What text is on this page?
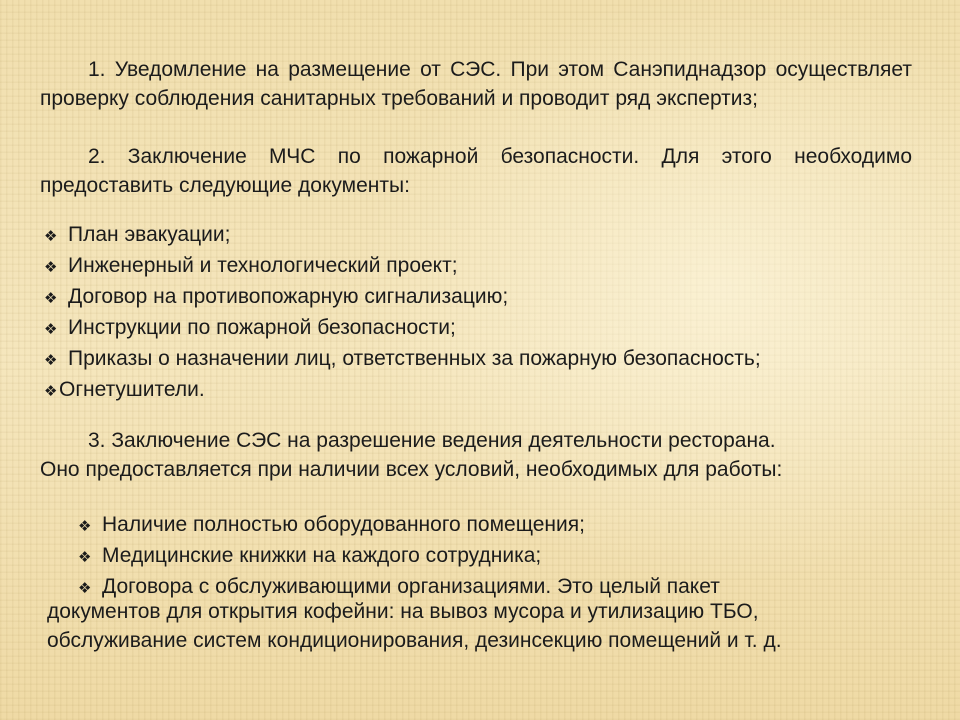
1. Уведомление на размещение от СЭС. При этом Санэпиднадзор осуществляет проверку соблюдения санитарных требований и проводит ряд экспертиз;

2. Заключение МЧС по пожарной безопасности. Для этого необходимо предоставить следующие документы:

❖ План эвакуации;
❖ Инженерный и технологический проект;
❖ Договор на противопожарную сигнализацию;
❖ Инструкции по пожарной безопасности;
❖ Приказы о назначении лиц, ответственных за пожарную безопасность;
❖ Огнетушители.

3. Заключение СЭС на разрешение ведения деятельности ресторана.
Оно предоставляется при наличии всех условий, необходимых для работы:

❖ Наличие полностью оборудованного помещения;
❖ Медицинские книжки на каждого сотрудника;
❖ Договора с обслуживающими организациями. Это целый пакет

документов для открытия кофейни: на вывоз мусора и утилизацию ТБО,
обслуживание систем кондиционирования, дезинсекцию помещений и т. д.
